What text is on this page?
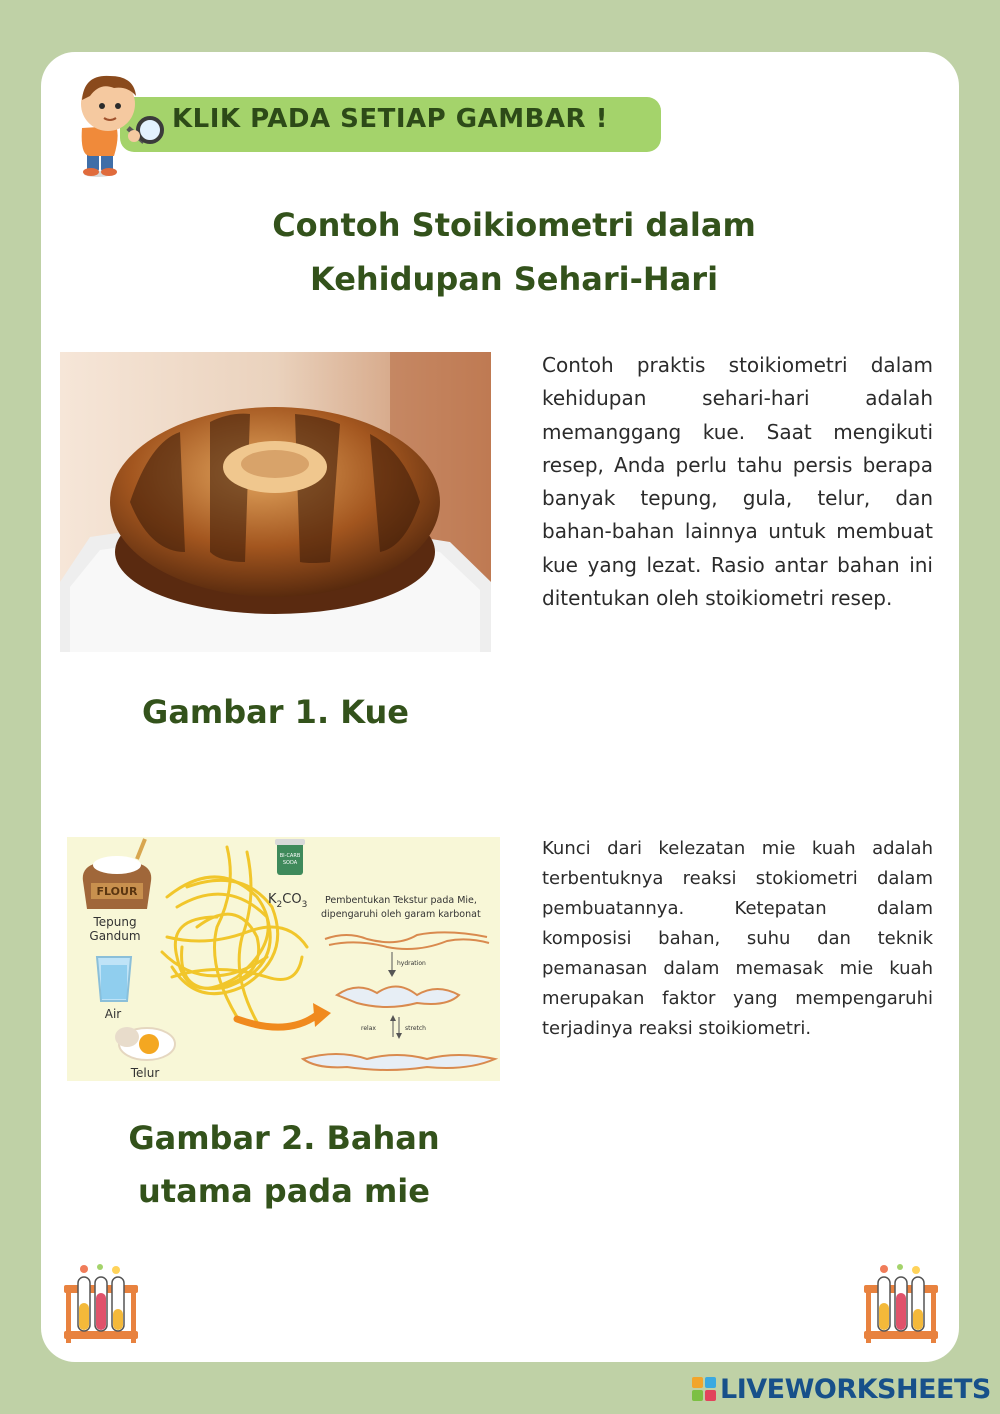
KLIK PADA SETIAP GAMBAR !
Contoh Stoikiometri dalam
Kehidupan Sehari-Hari
Contoh praktis stoikiometri dalam kehidupan sehari-hari adalah memanggang kue. Saat mengikuti resep, Anda perlu tahu persis berapa banyak tepung, gula, telur, dan bahan-bahan lainnya untuk membuat kue yang lezat. Rasio antar bahan ini ditentukan oleh stoikiometri resep.
Gambar 1. Kue
FLOUR
Tepung
Gandum
Air
Telur
BI-CARB
SODA
$K_2CO_3$ Pembentukan Tekstur pada Mie,
dipengaruhi oleh garam karbonat
hydration
relax	stretch
Kunci dari kelezatan mie kuah adalah terbentuknya reaksi stokiometri dalam pembuatannya. Ketepatan dalam komposisi bahan, suhu dan teknik pemanasan dalam memasak mie kuah merupakan faktor yang mempengaruhi terjadinya reaksi stoikiometri.
Gambar 2. Bahan
utama pada mie
LIVEWORKSHEETS
